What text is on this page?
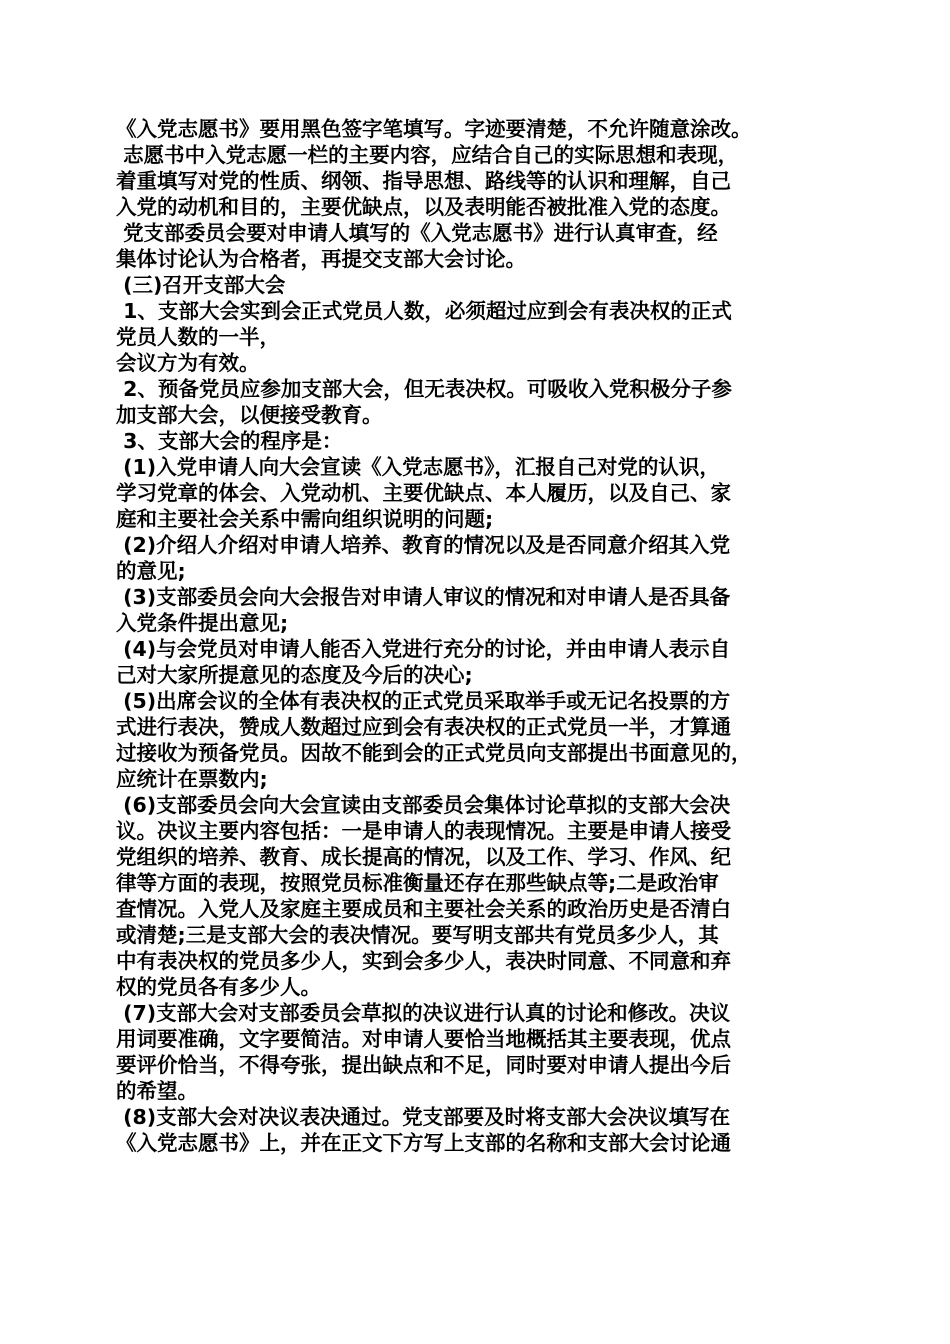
《入党志愿书》要用黑色签字笔填写。字迹要清楚，不允许随意涂改。
志愿书中入党志愿一栏的主要内容，应结合自己的实际思想和表现，
着重填写对党的性质、纲领、指导思想、路线等的认识和理解，自己
入党的动机和目的，主要优缺点，以及表明能否被批准入党的态度。
党支部委员会要对申请人填写的《入党志愿书》进行认真审查，经
集体讨论认为合格者，再提交支部大会讨论。
(三)召开支部大会
1、支部大会实到会正式党员人数，必须超过应到会有表决权的正式
党员人数的一半，
会议方为有效。
2、预备党员应参加支部大会，但无表决权。可吸收入党积极分子参
加支部大会，以便接受教育。
3、支部大会的程序是：
(1)入党申请人向大会宣读《入党志愿书》，汇报自己对党的认识，
学习党章的体会、入党动机、主要优缺点、本人履历，以及自己、家
庭和主要社会关系中需向组织说明的问题;
(2)介绍人介绍对申请人培养、教育的情况以及是否同意介绍其入党
的意见;
(3)支部委员会向大会报告对申请人审议的情况和对申请人是否具备
入党条件提出意见;
(4)与会党员对申请人能否入党进行充分的讨论，并由申请人表示自
己对大家所提意见的态度及今后的决心;
(5)出席会议的全体有表决权的正式党员采取举手或无记名投票的方
式进行表决，赞成人数超过应到会有表决权的正式党员一半，才算通
过接收为预备党员。因故不能到会的正式党员向支部提出书面意见的，
应统计在票数内;
(6)支部委员会向大会宣读由支部委员会集体讨论草拟的支部大会决
议。决议主要内容包括：一是申请人的表现情况。主要是申请人接受
党组织的培养、教育、成长提高的情况，以及工作、学习、作风、纪
律等方面的表现，按照党员标准衡量还存在那些缺点等;二是政治审
查情况。入党人及家庭主要成员和主要社会关系的政治历史是否清白
或清楚;三是支部大会的表决情况。要写明支部共有党员多少人，其
中有表决权的党员多少人，实到会多少人，表决时同意、不同意和弃
权的党员各有多少人。
(7)支部大会对支部委员会草拟的决议进行认真的讨论和修改。决议
用词要准确，文字要简洁。对申请人要恰当地概括其主要表现，优点
要评价恰当，不得夸张，提出缺点和不足，同时要对申请人提出今后
的希望。
(8)支部大会对决议表决通过。党支部要及时将支部大会决议填写在
《入党志愿书》上，并在正文下方写上支部的名称和支部大会讨论通
